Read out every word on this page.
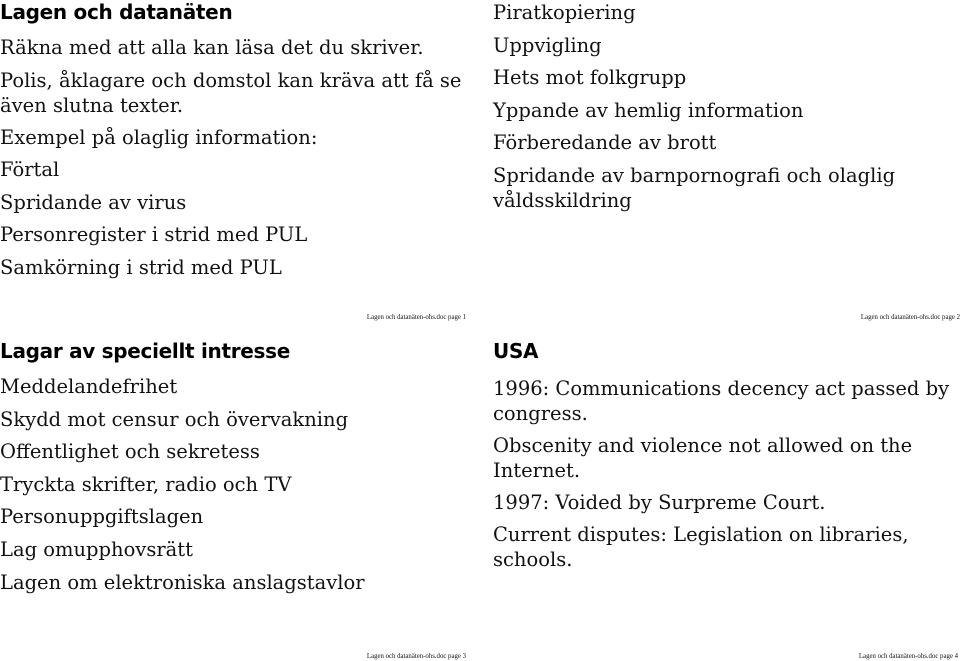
Lagen och datanäten
Räkna med att alla kan läsa det du skriver.
Polis, åklagare och domstol kan kräva att få se även slutna texter.
Exempel på olaglig information:
Förtal
Spridande av virus
Personregister i strid med PUL
Samkörning i strid med PUL
Lagen och datanäten-ohs.doc page 1
Piratkopiering
Uppvigling
Hets mot folkgrupp
Yppande av hemlig information
Förberedande av brott
Spridande av barnpornografi och olaglig våldsskildring
Lagen och datanäten-ohs.doc page 2
Lagar av speciellt intresse
Meddelandefrihet
Skydd mot censur och övervakning
Offentlighet och sekretess
Tryckta skrifter, radio och TV
Personuppgiftslagen
Lag omupphovsrätt
Lagen om elektroniska anslagstavlor
Lagen och datanäten-ohs.doc page 3
USA
1996: Communications decency act passed by congress.
Obscenity and violence not allowed on the Internet.
1997: Voided by Surpreme Court.
Current disputes: Legislation on libraries, schools.
Lagen och datanäten-ohs.doc page 4
